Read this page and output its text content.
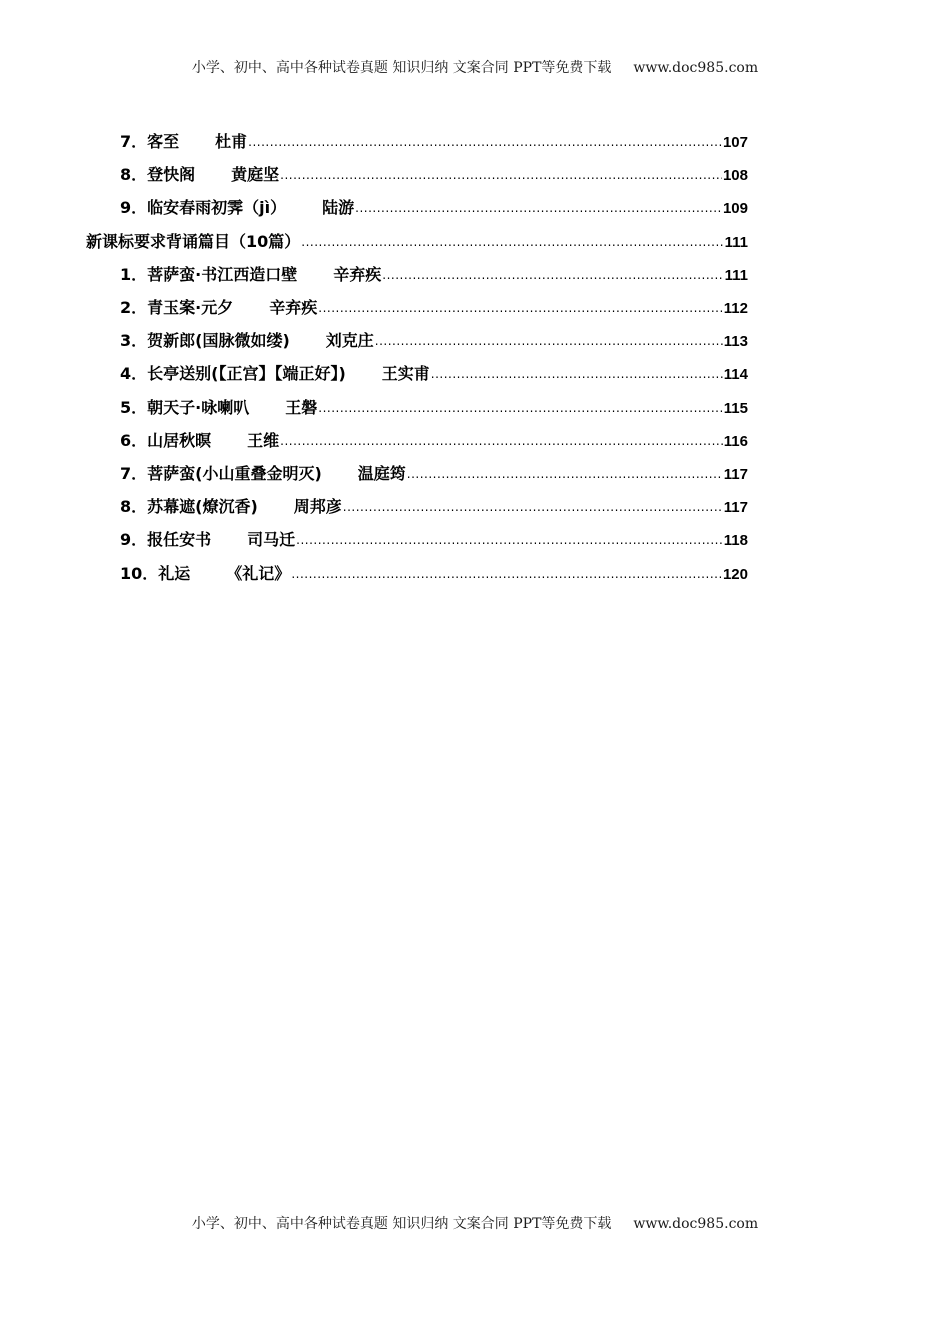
小学、初中、高中各种试卷真题 知识归纳 文案合同 PPT等免费下载 www.doc985.com
7． 客至 杜甫 .....	107
8． 登快阁 黄庭坚 .....	108
9． 临安春雨初霁（jì） 陆游 .....	109
新课标要求背诵篇目（10篇） .....	111
1． 菩萨蛮·书江西造口壁 辛弃疾 .....	111
2． 青玉案·元夕 辛弃疾 .....	112
3． 贺新郎(国脉微如缕) 刘克庄 .....	113
4． 长亭送别(【正宫】【端正好】) 王实甫 .....	114
5． 朝天子·咏喇叭 王磐 .....	115
6． 山居秋暝 王维 .....	116
7． 菩萨蛮(小山重叠金明灭) 温庭筠 .....	117
8． 苏幕遮(燎沉香) 周邦彦 .....	117
9． 报任安书 司马迁 .....	118
10． 礼运 《礼记》 .....	120
小学、初中、高中各种试卷真题 知识归纳 文案合同 PPT等免费下载 www.doc985.com
